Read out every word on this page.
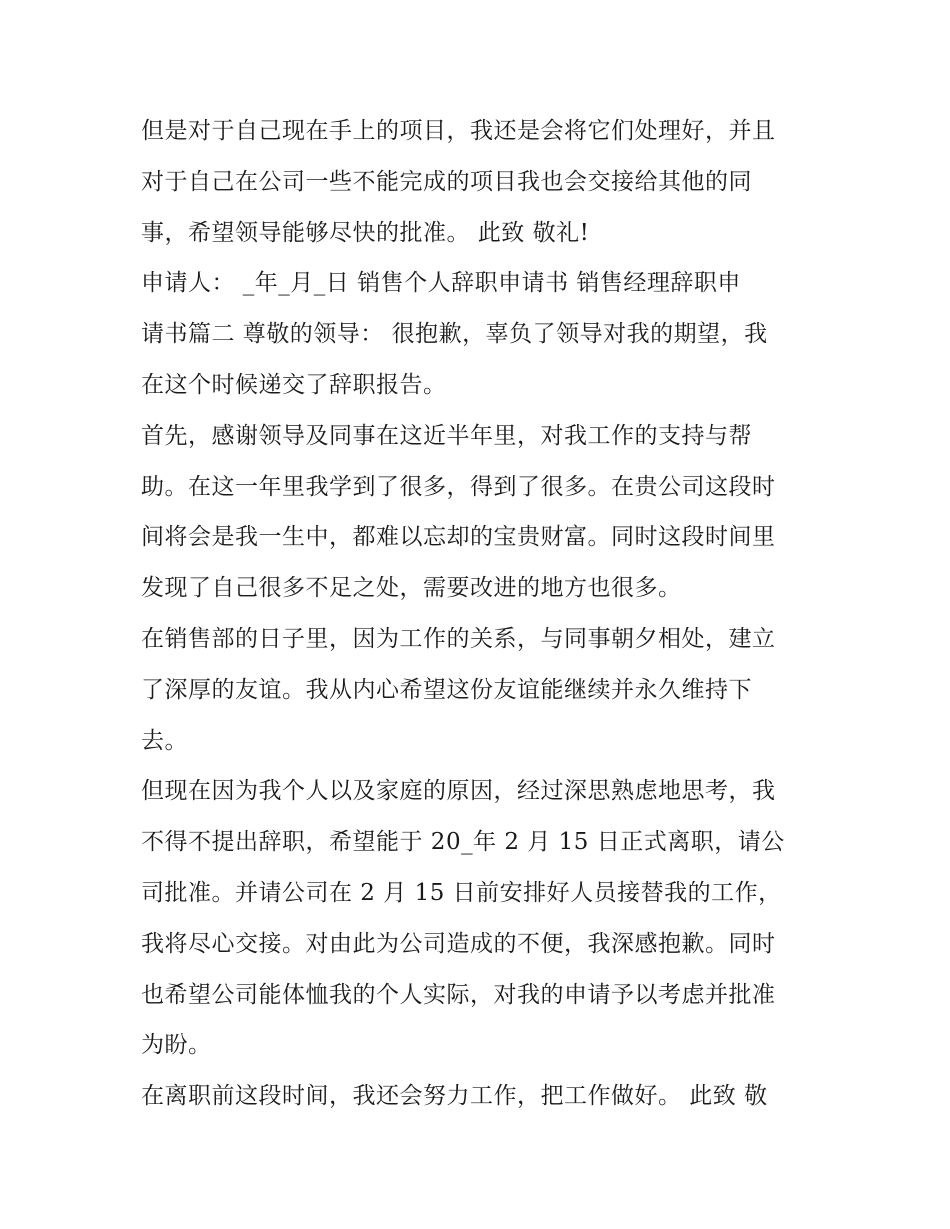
但是对于自己现在手上的项目，我还是会将它们处理好，并且
对于自己在公司一些不能完成的项目我也会交接给其他的同
事，希望领导能够尽快的批准。 此致 敬礼!
申请人： _年_月_日 销售个人辞职申请书 销售经理辞职申
请书篇二 尊敬的领导： 很抱歉，辜负了领导对我的期望，我
在这个时候递交了辞职报告。
首先，感谢领导及同事在这近半年里，对我工作的支持与帮
助。在这一年里我学到了很多，得到了很多。在贵公司这段时
间将会是我一生中，都难以忘却的宝贵财富。同时这段时间里
发现了自己很多不足之处，需要改进的地方也很多。
在销售部的日子里，因为工作的关系，与同事朝夕相处，建立
了深厚的友谊。我从内心希望这份友谊能继续并永久维持下
去。
但现在因为我个人以及家庭的原因，经过深思熟虑地思考，我
不得不提出辞职，希望能于 20_年 2 月 15 日正式离职，请公
司批准。并请公司在 2 月 15 日前安排好人员接替我的工作，
我将尽心交接。对由此为公司造成的不便，我深感抱歉。同时
也希望公司能体恤我的个人实际，对我的申请予以考虑并批准
为盼。
在离职前这段时间，我还会努力工作，把工作做好。 此致 敬
